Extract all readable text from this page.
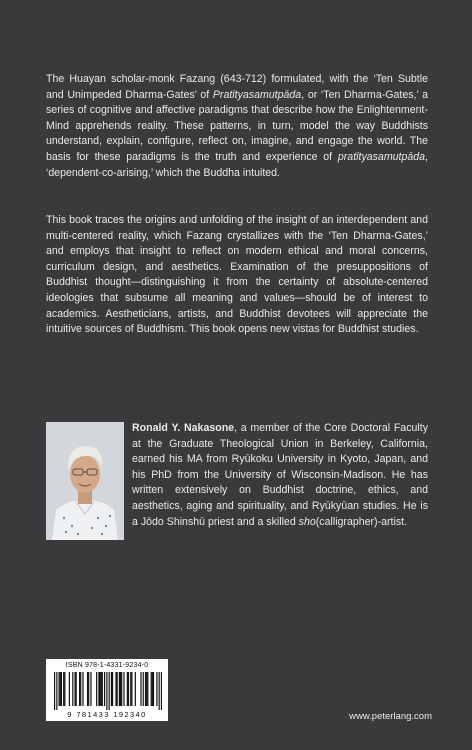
The Huayan scholar-monk Fazang (643-712) formulated, with the ‘Ten Subtle and Unimpeded Dharma-Gates’ of Pratītyasamutpāda, or ‘Ten Dharma-Gates,’ a series of cognitive and affective paradigms that describe how the Enlightenment-Mind apprehends reality. These patterns, in turn, model the way Buddhists understand, explain, configure, reflect on, imagine, and engage the world. The basis for these paradigms is the truth and experience of pratītyasamutpāda, ‘dependent-co-arising,’ which the Buddha intuited.

This book traces the origins and unfolding of the insight of an interdependent and multi-centered reality, which Fazang crystallizes with the ‘Ten Dharma-Gates,’ and employs that insight to reflect on modern ethical and moral concerns, curriculum design, and aesthetics. Examination of the presuppositions of Buddhist thought—distinguishing it from the certainty of absolute-centered ideologies that subsume all meaning and values—should be of interest to academics. Aestheticians, artists, and Buddhist devotees will appreciate the intuitive sources of Buddhism. This book opens new vistas for Buddhist studies.

Ronald Y. Nakasone, a member of the Core Doctoral Faculty at the Graduate Theological Union in Berkeley, California, earned his MA from Ryūkoku University in Kyoto, Japan, and his PhD from the University of Wisconsin-Madison. He has written extensively on Buddhist doctrine, ethics, and aesthetics, aging and spirituality, and Ryūkyūan studies. He is a Jōdo Shinshū priest and a skilled sho(calligrapher)-artist.

ISBN 978-1-4331-9234-0
9 781433 192340	www.peterlang.com
